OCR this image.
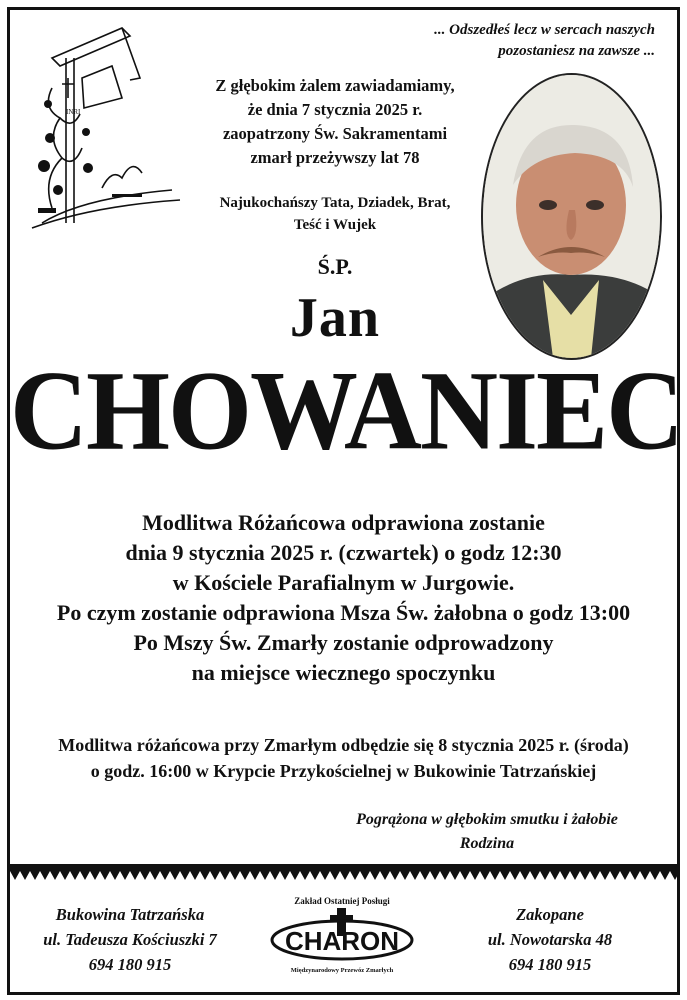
... Odszedłeś lecz w sercach naszych
pozostaniesz na zawsze ...
INRI
Z głębokim żalem zawiadamiamy,
że dnia 7 stycznia 2025 r.
zaopatrzony Św. Sakramentami
zmarł przeżywszy lat 78
Najukochańszy Tata, Dziadek, Brat,
Teść i Wujek
Ś.P.
Jan
CHOWANIEC
Modlitwa Różańcowa odprawiona zostanie
dnia 9 stycznia 2025 r. (czwartek) o godz 12:30
w Kościele Parafialnym w Jurgowie.
Po czym zostanie odprawiona Msza Św. żałobna o godz 13:00
Po Mszy Św. Zmarły zostanie odprowadzony
na miejsce wiecznego spoczynku
Modlitwa różańcowa przy Zmarłym odbędzie się 8 stycznia 2025 r. (środa)
o godz. 16:00 w Krypcie Przykościelnej w Bukowinie Tatrzańskiej
Pogrążona w głębokim smutku i żałobie
Rodzina
Bukowina Tatrzańska
ul. Tadeusza Kościuszki 7
694 180 915
Zakład Ostatniej Posługi
CHARON
Międzynarodowy Przewóz Zmarłych
Zakopane
ul. Nowotarska 48
694 180 915
